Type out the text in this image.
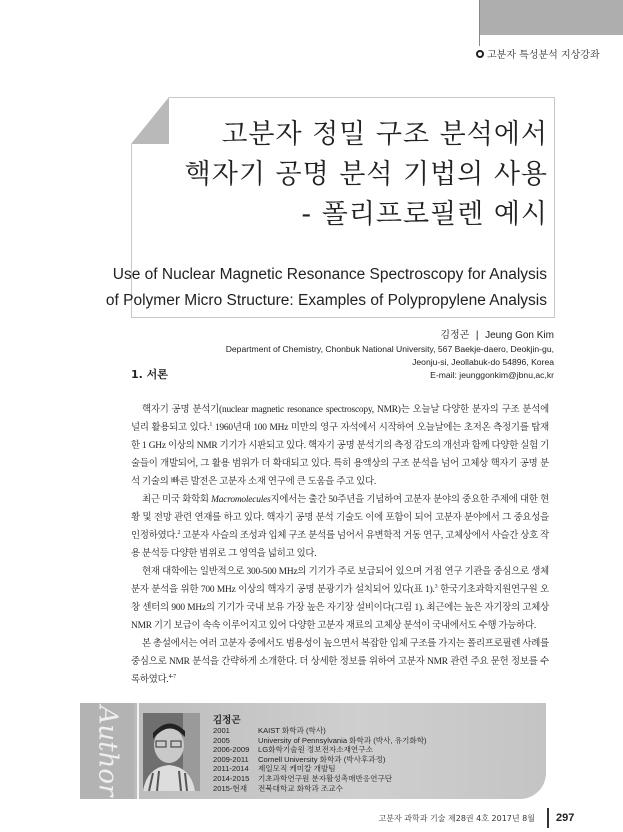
고분자 특성분석 지상강좌
고분자 정밀 구조 분석에서
핵자기 공명 분석 기법의 사용
- 폴리프로필렌 예시
Use of Nuclear Magnetic Resonance Spectroscopy for Analysis
of Polymer Micro Structure: Examples of Polypropylene Analysis
김정곤 | Jeung Gon Kim
Department of Chemistry, Chonbuk National University, 567 Baekje-daero, Deokjin-gu,
Jeonju-si, Jeollabuk-do 54896, Korea
E-mail: jeunggonkim@jbnu,ac,kr
1. 서론

핵자기 공명 분석기(nuclear magnetic resonance spectroscopy, NMR)는 오늘날 다양한 분자의 구조 분석에 널리 활용되고 있다.$^1$ 1960년대 100 MHz 미만의 영구 자석에서 시작하여 오늘날에는 초저온 측정기를 탑재한 1 GHz 이상의 NMR 기기가 시판되고 있다. 핵자기 공명 분석기의 측정 감도의 개선과 함께 다양한 실험 기술들이 개발되어, 그 활용 범위가 더 확대되고 있다. 특히 용액상의 구조 분석을 넘어 고체상 핵자기 공명 분석 기술의 빠른 발전은 고분자 소재 연구에 큰 도움을 주고 있다.

최근 미국 화학회 Macromolecules지에서는 출간 50주년을 기념하여 고분자 분야의 중요한 주제에 대한 현황 및 전망 관련 연재를 하고 있다. 핵자기 공명 분석 기술도 이에 포함이 되어 고분자 분야에서 그 중요성을 인정하였다.$^2$ 고분자 사슬의 조성과 입체 구조 분석를 넘어서 유변학적 거동 연구, 고체상에서 사슬간 상호 작용 분석등 다양한 범위로 그 영역을 넓히고 있다.

현재 대학에는 일반적으로 300-500 MHz의 기기가 주로 보급되어 있으며 거점 연구 기관을 중심으로 생체 분자 분석을 위한 700 MHz 이상의 핵자기 공명 분광기가 설치되어 있다(표 1).$^3$ 한국기초과학지원연구원 오창 센터의 900 MHz의 기기가 국내 보유 가장 높은 자기장 설비이다(그림 1). 최근에는 높은 자기장의 고체상 NMR 기기 보급이 속속 이루어지고 있어 다양한 고분자 재료의 고체상 분석이 국내에서도 수행 가능하다.

본 총설에서는 여러 고분자 중에서도 범용성이 높으면서 복잡한 입체 구조를 가지는 폴리프로필렌 사례를 중심으로 NMR 분석을 간략하게 소개한다. 더 상세한 정보를 위하여 고분자 NMR 관련 주요 문헌 정보를 수록하였다.$^{4-7}$

Author	김정곤
2001	KAIST 화학과 (학사)
2005	University of Pennsylvania 화학과 (박사, 유기화학)
2006-2009	LG화학기술원 정보전자소재연구소
2009-2011	Cornell University 화학과 (박사후과정)
2011-2014	제일모직 케미칼 개발팀
2014-2015	기초과학연구원 분자활성촉매반응연구단
2015-현재	전북대학교 화학과 조교수
고분자 과학과 기술 제28권 4호 2017년 8월 297
